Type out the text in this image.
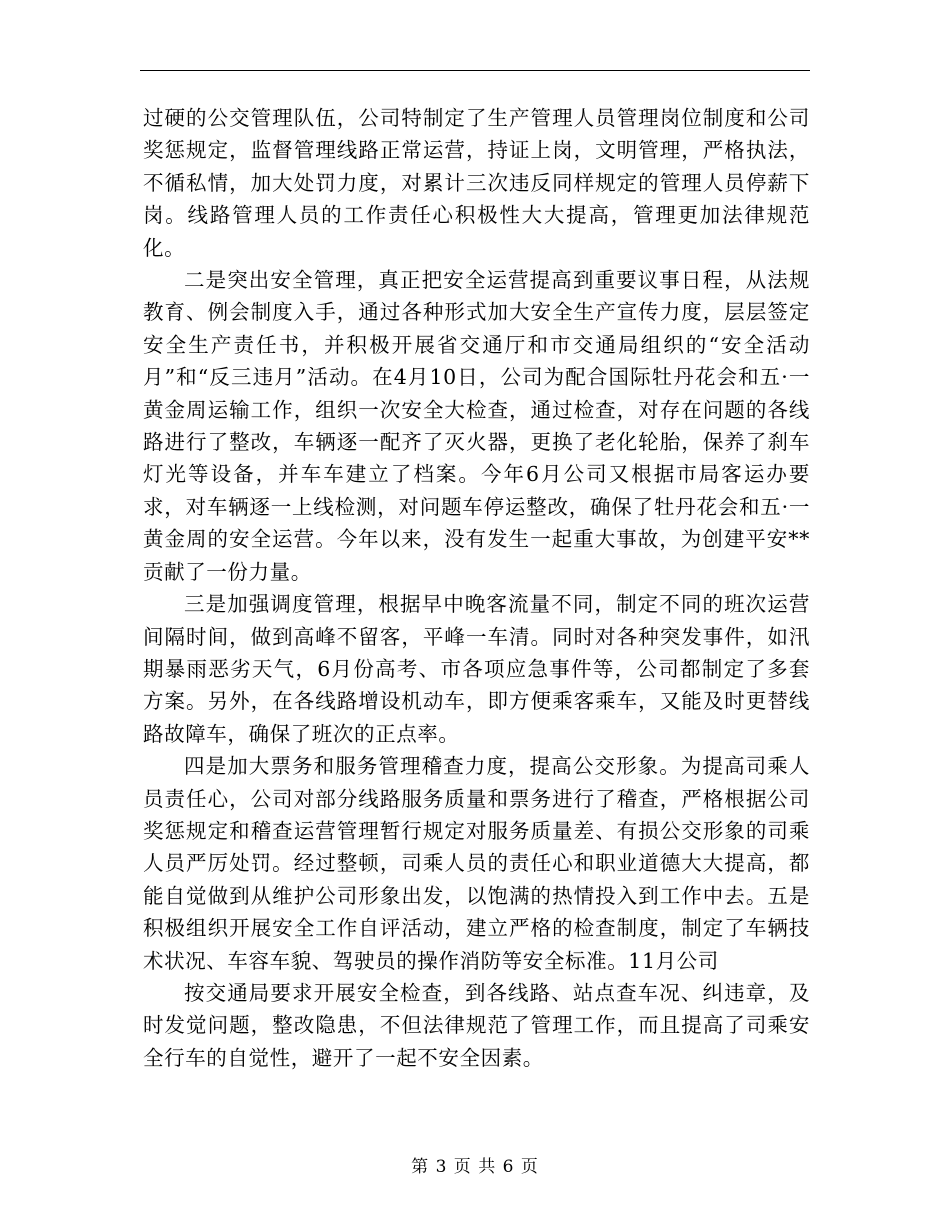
过硬的公交管理队伍，公司特制定了生产管理人员管理岗位制度和公司奖惩规定，监督管理线路正常运营，持证上岗，文明管理，严格执法，不循私情，加大处罚力度，对累计三次违反同样规定的管理人员停薪下岗。线路管理人员的工作责任心积极性大大提高，管理更加法律规范化。

二是突出安全管理，真正把安全运营提高到重要议事日程，从法规教育、例会制度入手，通过各种形式加大安全生产宣传力度，层层签定安全生产责任书，并积极开展省交通厅和市交通局组织的“安全活动月”和“反三违月”活动。在4月10日，公司为配合国际牡丹花会和五·一黄金周运输工作，组织一次安全大检查，通过检查，对存在问题的各线路进行了整改，车辆逐一配齐了灭火器，更换了老化轮胎，保养了刹车灯光等设备，并车车建立了档案。今年6月公司又根据市局客运办要求，对车辆逐一上线检测，对问题车停运整改，确保了牡丹花会和五·一黄金周的安全运营。今年以来，没有发生一起重大事故，为创建平安**贡献了一份力量。

三是加强调度管理，根据早中晚客流量不同，制定不同的班次运营间隔时间，做到高峰不留客，平峰一车清。同时对各种突发事件，如汛期暴雨恶劣天气，6月份高考、市各项应急事件等，公司都制定了多套方案。另外，在各线路增设机动车，即方便乘客乘车，又能及时更替线路故障车，确保了班次的正点率。

四是加大票务和服务管理稽查力度，提高公交形象。为提高司乘人员责任心，公司对部分线路服务质量和票务进行了稽查，严格根据公司奖惩规定和稽查运营管理暂行规定对服务质量差、有损公交形象的司乘人员严厉处罚。经过整顿，司乘人员的责任心和职业道德大大提高，都能自觉做到从维护公司形象出发，以饱满的热情投入到工作中去。五是积极组织开展安全工作自评活动，建立严格的检查制度，制定了车辆技术状况、车容车貌、驾驶员的操作消防等安全标准。11月公司

按交通局要求开展安全检查，到各线路、站点查车况、纠违章，及时发觉问题，整改隐患，不但法律规范了管理工作，而且提高了司乘安全行车的自觉性，避开了一起不安全因素。

第 3 页 共 6 页
